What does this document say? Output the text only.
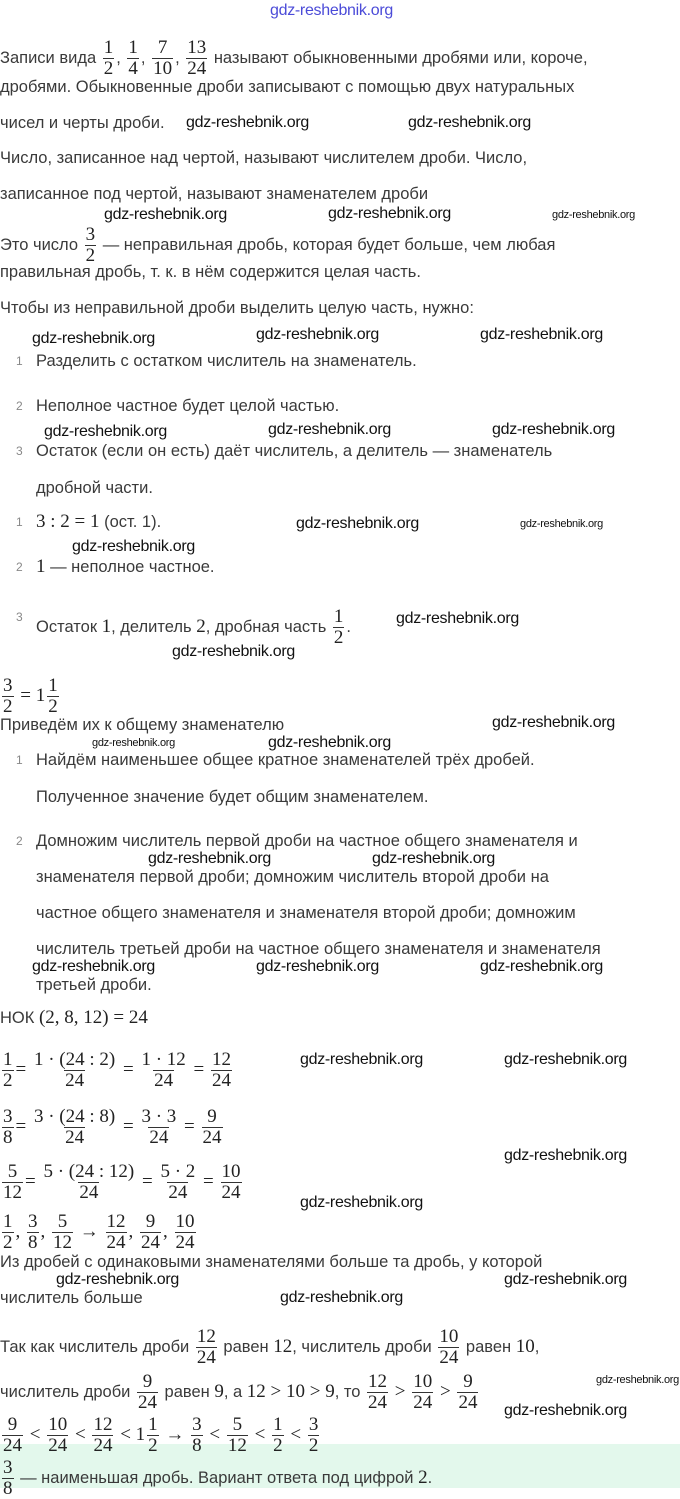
Записи вида $\frac{1}{2}$ , $\frac{1}{4}$ , $\frac{7}{10}$ , $\frac{13}{24}$ называют обыкновенными дробями или, короче,
дробями. Обыкновенные дроби записывают с помощью двух натуральных
чисел и черты дроби.
Число, записанное над чертой, называют числителем дроби. Число,
записанное под чертой, называют знаменателем дроби
Это число $\frac{3}{2}$ — неправильная дробь, которая будет больше, чем любая
правильная дробь, т. к. в нём содержится целая часть.
Чтобы из неправильной дроби выделить целую часть, нужно:
1 Разделить с остатком числитель на знаменатель.
2 Неполное частное будет целой частью.
3 Остаток (если он есть) даёт числитель, а делитель — знаменатель
дробной части.
1 3 : 2 = 1 (ост. 1).
2 1 — неполное частное.
3
Остаток 1, делитель 2, дробная часть $\frac{1}{2}$ .
$\frac{3}{2} = 1 \frac{1}{2}$
Приведём их к общему знаменателю
1 Найдём наименьшее общее кратное знаменателей трёх дробей.
Полученное значение будет общим знаменателем.
2 Домножим числитель первой дроби на частное общего знаменателя и
знаменателя первой дроби; домножим числитель второй дроби на
частное общего знаменателя и знаменателя второй дроби; домножим
числитель третьей дроби на частное общего знаменателя и знаменателя
третьей дроби.
НОК (2, 8, 12) = 24
$\frac{1}{2} = \frac{1 \cdot (24 : 2)}{24} = \frac{1 \cdot 12}{24} = \frac{12}{24}$
$\frac{3}{8} = \frac{3 \cdot (24 : 8)}{24} = \frac{3 \cdot 3}{24} = \frac{9}{24}$
$\frac{5}{12} = \frac{5 \cdot (24 : 12)}{24} = \frac{5 \cdot 2}{24} = \frac{10}{24}$
$\frac{1}{2}$ , $\frac{3}{8}$ , $\frac{5}{12} \to \frac{12}{24}$ , $\frac{9}{24}$ , $\frac{10}{24}$
Из дробей с одинаковыми знаменателями больше та дробь, у которой
числитель больше
Так как числитель дроби $\frac{12}{24}$ равен 12, числитель дроби $\frac{10}{24}$ равен 10,
числитель дроби $\frac{9}{24}$ равен 9, а 12 > 10 > 9, то $\frac{12}{24} > \frac{10}{24} > \frac{9}{24}$
$\frac{9}{24} < \frac{10}{24} < \frac{12}{24} < 1 \frac{1}{2} \to \frac{3}{8} < \frac{5}{12} < \frac{1}{2} < \frac{3}{2}$
$\frac{3}{8}$ — наименьшая дробь. Вариант ответа под цифрой 2.
gdz-reshebnik.org
gdz-reshebnik.org	gdz-reshebnik.org
gdz-reshebnik.org	gdz-reshebnik.org	gdz-reshebnik.org
gdz-reshebnik.org	gdz-reshebnik.org	gdz-reshebnik.org
gdz-reshebnik.org	gdz-reshebnik.org	gdz-reshebnik.org
gdz-reshebnik.org	gdz-reshebnik.org
gdz-reshebnik.org
gdz-reshebnik.org
gdz-reshebnik.org
gdz-reshebnik.org
gdz-reshebnik.org	gdz-reshebnik.org
gdz-reshebnik.org	gdz-reshebnik.org
gdz-reshebnik.org	gdz-reshebnik.org	gdz-reshebnik.org
gdz-reshebnik.org	gdz-reshebnik.org
gdz-reshebnik.org
gdz-reshebnik.org
gdz-reshebnik.org	gdz-reshebnik.org
gdz-reshebnik.org
gdz-reshebnik.org
gdz-reshebnik.org
